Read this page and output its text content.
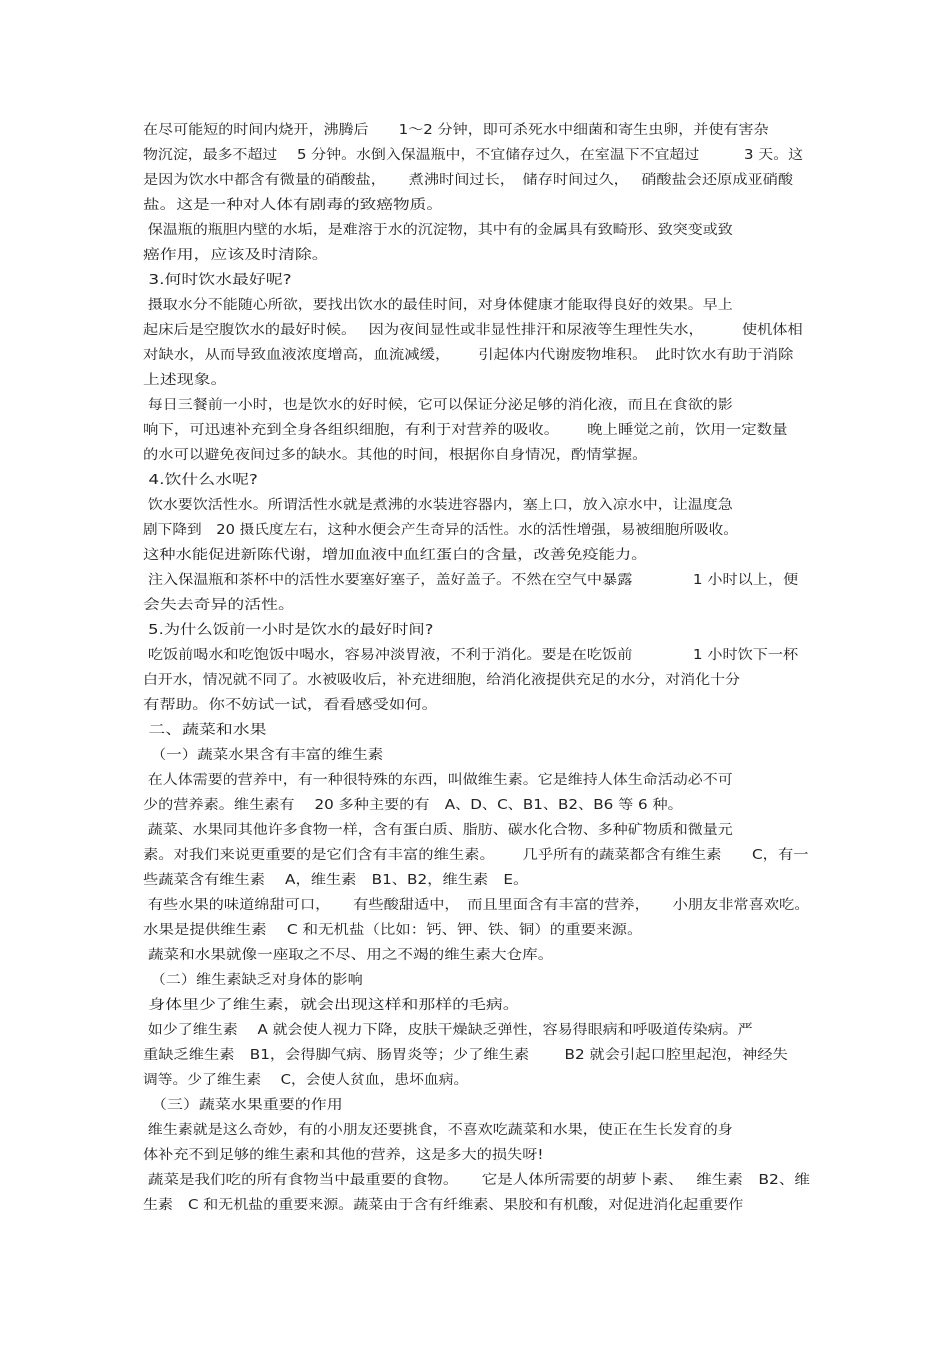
在尽可能短的时间内烧开，沸腾后　　1～2 分钟，即可杀死水中细菌和寄生虫卵，并使有害杂
物沉淀，最多不超过　 5 分钟。水倒入保温瓶中，不宜储存过久，在室温下不宜超过　　　3 天。这
是因为饮水中都含有微量的硝酸盐，　　煮沸时间过长，　储存时间过久，　 硝酸盐会还原成亚硝酸
盐。这是一种对人体有剧毒的致癌物质。
保温瓶的瓶胆内壁的水垢，是难溶于水的沉淀物，其中有的金属具有致畸形、致突变或致
癌作用，应该及时清除。
3.何时饮水最好呢?
摄取水分不能随心所欲，要找出饮水的最佳时间，对身体健康才能取得良好的效果。早上
起床后是空腹饮水的最好时候。　 因为夜间显性或非显性排汗和尿液等生理性失水，　　　使机体相
对缺水，从而导致血液浓度增高，血流减缓，　　 引起体内代谢废物堆积。　此时饮水有助于消除
上述现象。
每日三餐前一小时，也是饮水的好时候，它可以保证分泌足够的消化液，而且在食欲的影
响下，可迅速补充到全身各组织细胞，有利于对营养的吸收。　　 晚上睡觉之前，饮用一定数量
的水可以避免夜间过多的缺水。其他的时间，根据你自身情况，酌情掌握。
4.饮什么水呢?
饮水要饮活性水。所谓活性水就是煮沸的水装进容器内，塞上口，放入凉水中，让温度急
剧下降到　20 摄氏度左右，这种水便会产生奇异的活性。水的活性增强，易被细胞所吸收。
这种水能促进新陈代谢，增加血液中血红蛋白的含量，改善免疫能力。
注入保温瓶和茶杯中的活性水要塞好塞子，盖好盖子。不然在空气中暴露　　　　1 小时以上，便
会失去奇异的活性。
5.为什么饭前一小时是饮水的最好时间?
吃饭前喝水和吃饱饭中喝水，容易冲淡胃液，不利于消化。要是在吃饭前　　　　1 小时饮下一杯
白开水，情况就不同了。水被吸收后，补充进细胞，给消化液提供充足的水分，对消化十分
有帮助。你不妨试一试，看看感受如何。
二、蔬菜和水果
　（一）蔬菜水果含有丰富的维生素
在人体需要的营养中，有一种很特殊的东西，叫做维生素。它是维持人体生命活动必不可
少的营养素。维生素有　 20 多种主要的有　A、D、C、B1、B2、B6 等 6 种。
蔬菜、水果同其他许多食物一样，含有蛋白质、脂肪、碳水化合物、多种矿物质和微量元
素。对我们来说更重要的是它们含有丰富的维生素。　　 几乎所有的蔬菜都含有维生素　　C，有一
些蔬菜含有维生素　 A，维生素　B1、B2，维生素　E。
有些水果的味道绵甜可口，　　有些酸甜适中，　而且里面含有丰富的营养，　　小朋友非常喜欢吃。
水果是提供维生素　 C 和无机盐（比如：钙、钾、铁、铜）的重要来源。
蔬菜和水果就像一座取之不尽、用之不竭的维生素大仓库。
　（二）维生素缺乏对身体的影响
身体里少了维生素，就会出现这样和那样的毛病。
如少了维生素　 A 就会使人视力下降，皮肤干燥缺乏弹性，容易得眼病和呼吸道传染病。严
重缺乏维生素　B1，会得脚气病、肠胃炎等；少了维生素　　 B2 就会引起口腔里起泡，神经失
调等。少了维生素　 C，会使人贫血，患坏血病。
　（三）蔬菜水果重要的作用
维生素就是这么奇妙，有的小朋友还要挑食，不喜欢吃蔬菜和水果，使正在生长发育的身
体补充不到足够的维生素和其他的营养，这是多大的损失呀!
蔬菜是我们吃的所有食物当中最重要的食物。　　它是人体所需要的胡萝卜素、　 维生素　B2、维
生素　C 和无机盐的重要来源。蔬菜由于含有纤维素、果胶和有机酸，对促进消化起重要作
